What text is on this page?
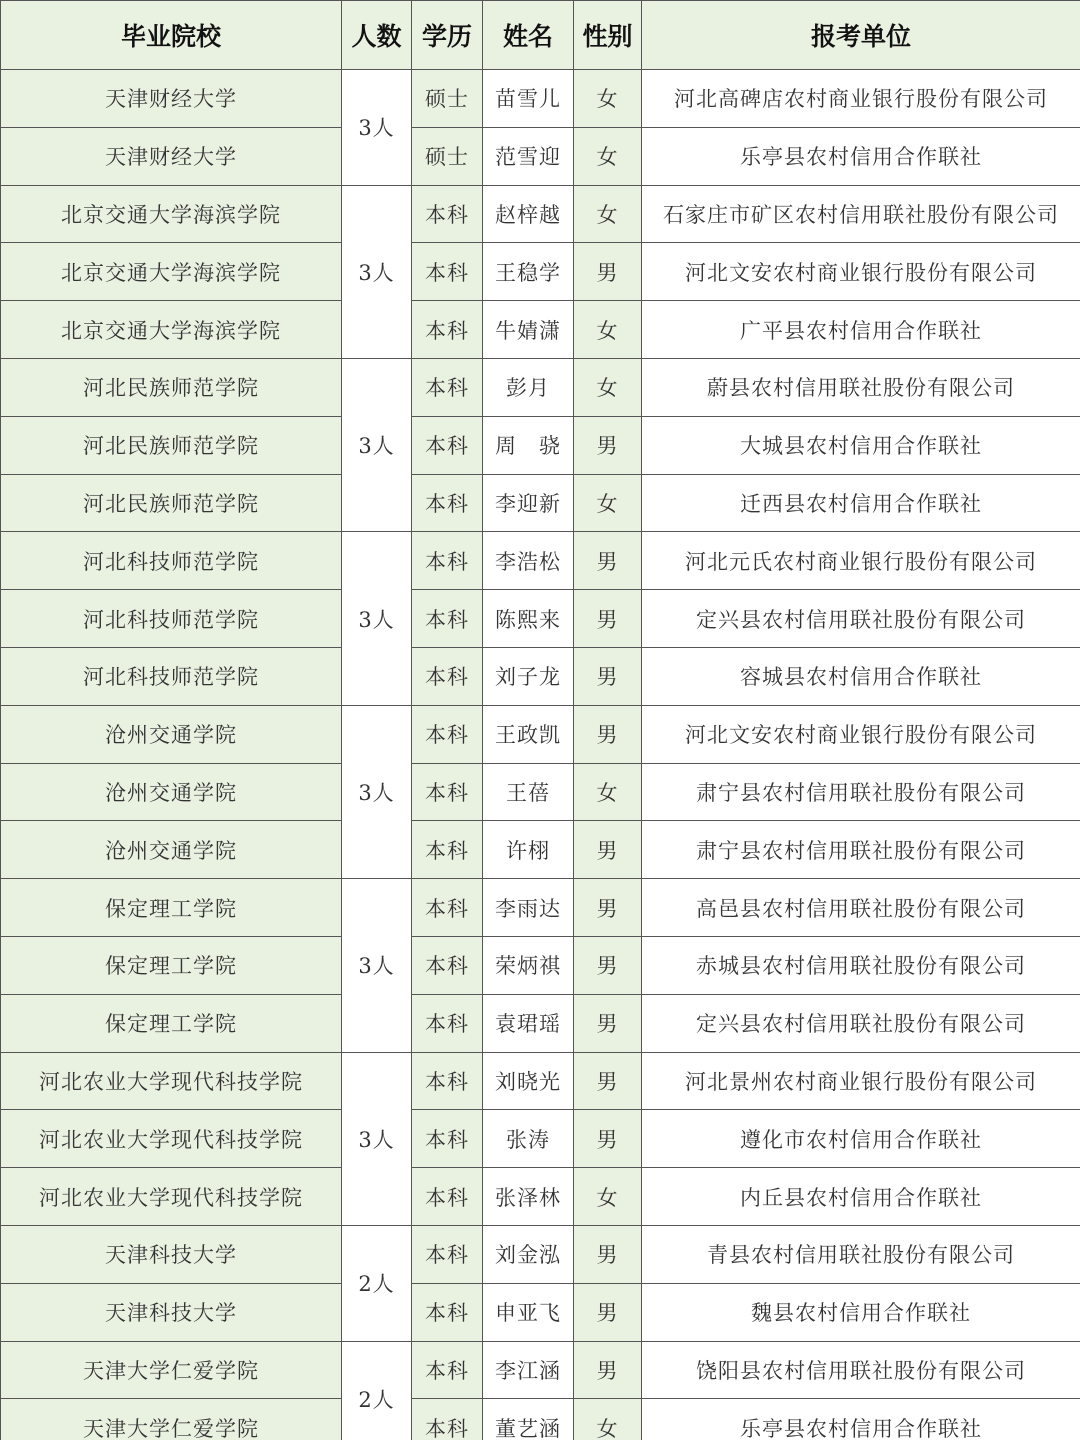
毕业院校	人数	学历	姓名	性别	报考单位
天津财经大学	3人	硕士	苗雪儿	女	河北高碑店农村商业银行股份有限公司
天津财经大学		硕士	范雪迎	女	乐亭县农村信用合作联社
北京交通大学海滨学院	3人	本科	赵梓越	女	石家庄市矿区农村信用联社股份有限公司
北京交通大学海滨学院		本科	王稳学	男	河北文安农村商业银行股份有限公司
北京交通大学海滨学院		本科	牛婧潇	女	广平县农村信用合作联社
河北民族师范学院	3人	本科	彭月	女	蔚县农村信用联社股份有限公司
河北民族师范学院		本科	周　骁	男	大城县农村信用合作联社
河北民族师范学院		本科	李迎新	女	迁西县农村信用合作联社
河北科技师范学院	3人	本科	李浩松	男	河北元氏农村商业银行股份有限公司
河北科技师范学院		本科	陈熙来	男	定兴县农村信用联社股份有限公司
河北科技师范学院		本科	刘子龙	男	容城县农村信用合作联社
沧州交通学院	3人	本科	王政凯	男	河北文安农村商业银行股份有限公司
沧州交通学院		本科	王蓓	女	肃宁县农村信用联社股份有限公司
沧州交通学院		本科	许栩	男	肃宁县农村信用联社股份有限公司
保定理工学院	3人	本科	李雨达	男	高邑县农村信用联社股份有限公司
保定理工学院		本科	荣炳祺	男	赤城县农村信用联社股份有限公司
保定理工学院		本科	袁珺瑶	男	定兴县农村信用联社股份有限公司
河北农业大学现代科技学院	3人	本科	刘晓光	男	河北景州农村商业银行股份有限公司
河北农业大学现代科技学院		本科	张涛	男	遵化市农村信用合作联社
河北农业大学现代科技学院		本科	张泽林	女	内丘县农村信用合作联社
天津科技大学	2人	本科	刘金泓	男	青县农村信用联社股份有限公司
天津科技大学		本科	申亚飞	男	魏县农村信用合作联社
天津大学仁爱学院	2人	本科	李江涵	男	饶阳县农村信用联社股份有限公司
天津大学仁爱学院		本科	董艺涵	女	乐亭县农村信用合作联社
